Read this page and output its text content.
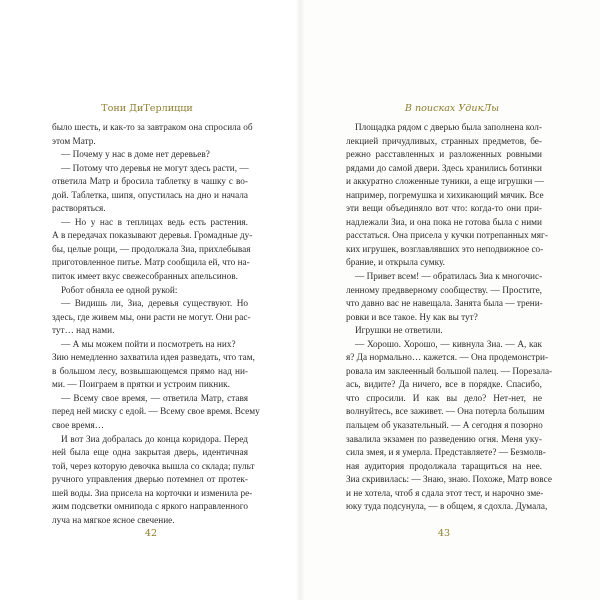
Тони ДиТерлицци
было шесть, и как-то за завтраком она спросила об
этом Матр.
— Почему у нас в доме нет деревьев?
— Потому что деревья не могут здесь расти, —
ответила Матр и бросила таблетку в чашку с во-
дой. Таблетка, шипя, опустилась на дно и начала
растворяться.
— Но у нас в теплицах ведь есть растения.
А в передачах показывают деревья. Громадные ду-
бы, целые рощи, — продолжала Зиа, прихлебывая
приготовленное питье. Матр сообщила ей, что на-
питок имеет вкус свежесобранных апельсинов.
Робот обняла ее одной рукой:
— Видишь ли, Зиа, деревья существуют. Но
здесь, где живем мы, они расти не могут. Они рас-
тут… над нами.
— А мы можем пойти и посмотреть на них?
Зию немедленно захватила идея разведать, что там,
в большом лесу, возвышающемся прямо над ни-
ми. — Поиграем в прятки и устроим пикник.
— Всему свое время, — ответила Матр, ставя
перед ней миску с едой. — Всему свое время. Всему
свое время…
И вот Зиа добралась до конца коридора. Перед
ней была еще одна закрытая дверь, идентичная
той, через которую девочка вышла со склада; пульт
ручного управления дверью потемнел от протек-
шей воды. Зиа присела на корточки и изменила ре-
жим подсветки омнипода с яркого направленного
луча на мягкое ясное свечение.
42
В поисках УдикЛы
Площадка рядом с дверью была заполнена кол-
лекцией причудливых, странных предметов, бе-
режно расставленных и разложенных ровными
рядами до самой двери. Здесь хранились ботинки
и аккуратно сложенные туники, а еще игрушки —
например, погремушка и хихикающий мячик. Все
эти вещи объединяло вот что: когда-то они при-
надлежали Зиа, и она пока не готова была с ними
расстаться. Она присела у кучки потрепанных мяг-
ких игрушек, возглавлявших это неподвижное со-
брание, и открыла сумку.
— Привет всем! — обратилась Зиа к многочис-
ленному предвверному сообществу. — Простите,
что давно вас не навещала. Занята была — трени-
ровки и все такое. Ну как вы тут?
Игрушки не ответили.
— Хорошо. Хорошо, — кивнула Зиа. — А, как
я? Да нормально… кажется. — Она продемонстри-
ровала им заклеенный большой палец. — Порезала-
ась, видите? Да ничего, все в порядке. Спасибо,
что спросили. И как вы дело? Нет-нет, не
волнуйтесь, все заживет. — Она потерла большим
пальцем об указательный. — А сегодня я позорно
завалила экзамен по разведению огня. Меня уку-
сила змея, и я умерла. Представляете? — Безмолв-
ная аудитория продолжала таращиться на нее.
Зиа скривилась: — Знаю, знаю. Похоже, Матр вовсе
и не хотела, чтоб я сдала этот тест, и нарочно зме-
юку туда подсунула, — в общем, я сдохла. Думала,
43
